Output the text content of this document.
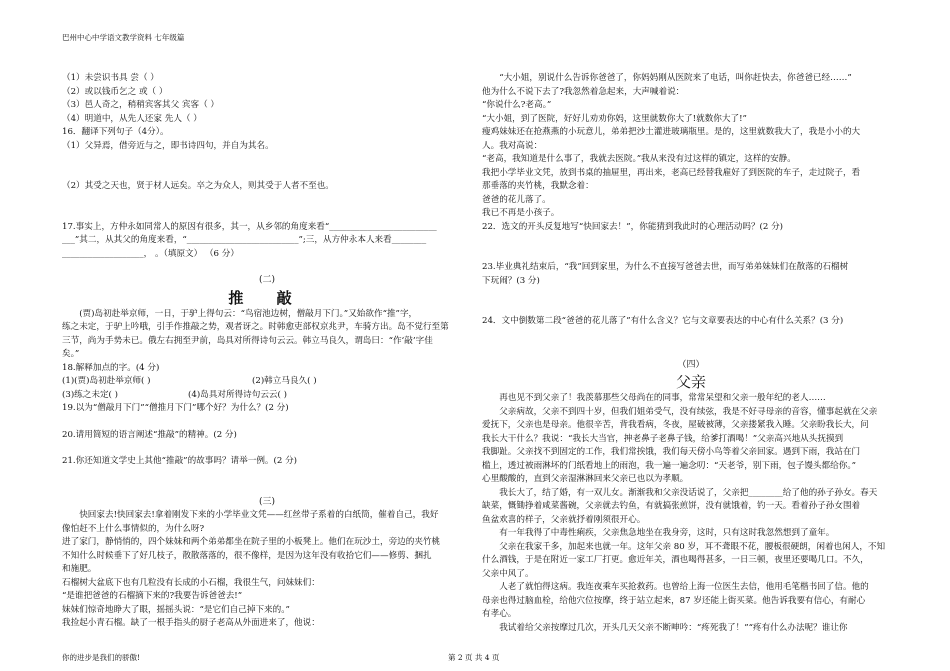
巴州中心中学语文教学资料 七年级篇

（1）未尝识书具 尝（ ）

（2）或以钱币乞之 或（ ）

（3）邑人奇之，稍稍宾客其父 宾客（ ）

（4）明道中，从先人还家 先人（ ）

16．翻译下列句子（4分）。

（1）父异焉，借旁近与之，即书诗四句，并自为其名。

（2）其受之天也，贤于材人远矣。卒之为众人，则其受于人者不至也。

17.事实上，方仲永如同常人的原因有很多，其一，从乡邻的角度来看“_________________________

___”其二，从其父的角度来看，“__________________________”;三，从方仲永本人来看________

___________________， 。（填原文） （6 分）

(二)

推 敲

(贾)岛初赴举京师，一日，于驴上得句云：“鸟宿池边树，僧敲月下门。”又始欲作“推”字，

练之未定，于驴上吟哦，引手作推敲之势，观者讶之。时韩愈吏部权京兆尹，车骑方出。岛不觉行至第

三节，尚为手势未已。俄左右拥至尹前，岛具对所得诗句云云。韩立马良久，谓岛曰：“作‘敲’字佳

矣。”

18.解释加点的字。(4 分)

(1)(贾)岛初赴举京师( )	(2)韩立马良久( )

(3)练之未定( )	(4)岛具对所得诗句云云( )

19.以为“僧敲月下门”“僧推月下门”哪个好？为什么？(2 分)

20.请用简短的语言阐述“推敲”的精神。(2 分)

21.你还知道文学史上其他“推敲”的故事吗？请举一例。(2 分)

(三)

快回家去!快回家去!拿着刚发下来的小学毕业文凭——红丝带子系着的白纸筒，催着自己，我好

像怕赶不上什么事情似的，为什么呀?

进了家门，静悄悄的，四个妹妹和两个弟弟都坐在院子里的小板凳上。他们在玩沙土，旁边的夹竹桃

不知什么时候垂下了好几枝子，散散落落的，很不像样，是因为这年没有收拾它们——修剪、捆扎

和施肥。

石榴树大盆底下也有几粒没有长成的小石榴，我很生气，问妹妹们：

“是谁把爸爸的石榴摘下来的?我要告诉爸爸去!”

妹妹们惊奇地睁大了眼，摇摇头说：“是它们自己掉下来的。”

我捡起小青石榴。缺了一根手指头的厨子老高从外面进来了，他说：

“大小姐，别说什么告诉你爸爸了，你妈妈刚从医院来了电话，叫你赶快去，你爸爸已经……”

他为什么不说下去了?我忽然着急起来，大声喊着说：

“你说什么?老高。”

“大小姐，到了医院，好好儿劝劝你妈，这里就数你大了!就数你大了!”

瘦鸡妹妹还在抢燕燕的小玩意儿，弟弟把沙土灌进玻璃瓶里。是的，这里就数我大了，我是小小的大

人。我对高说：

“老高，我知道是什么事了，我就去医院。”我从来没有过这样的镇定，这样的安静。

我把小学毕业文凭，放到书桌的抽屉里，再出来，老高已经替我雇好了到医院的车子，走过院子，看

那垂落的夹竹桃，我默念着：

爸爸的花儿落了。

我已不再是小孩子。

22．选文的开头反复地写“快回家去！”，你能猜到我此时的心理活动吗？(2 分)

23.毕业典礼结束后，“我”回到家里，为什么不直接写爸爸去世，而写弟弟妹妹们在散落的石榴树

下玩闹？(3 分)

24．文中倒数第二段“爸爸的花儿落了”有什么含义？它与文章要表达的中心有什么关系？(3 分)

（四）

父亲

再也见不到父亲了！我羡慕那些父母尚在的同事，常常呆望和父亲一般年纪的老人……

父亲病故，父亲不到四十岁，但我们姐弟受气，没有续弦，我是不好寻母亲的音容，懂事起就在父亲

爱抚下，父亲也是母亲。他很辛苦，背我看病，冬夜，屋破被薄，父亲搂紧我入睡。父亲盼我长大，问

我长大干什么？我说：“我长大当官，抻老鼻子老鼻子钱，给爹打酒喝！”父亲高兴地从头抚摸到

我脚趾。父亲找不到固定的工作，我们常挨饿，我们每天傍小鸟等着父亲回家。遇到下雨，我站在门

槛上，透过被雨淋坏的门纸看地上的雨泡，我一遍一遍念叨：“天老爷，别下雨，包子馒头都给你。”

心里酸酸的，直到父亲湿淋淋回来父亲已也以为孝顺。

我长大了，结了婚，有一双儿女。渐渐我和父亲没话说了，父亲把________给了他的孙子孙女。春天

缺菜，慨锄挣着咸菜酱碗，父亲就去钓鱼，有就搞张煎饼，没有就饿着，钓一天。看着孙子孙女围着

鱼盆欢喜的样子，父亲就抒着刚须很开心。

有一年我得了中毒性痢疾，父亲焦急地坐在我身旁，这时，只有这时我忽然想到了童年。

父亲在我家千多，加起来也就一年。这年父亲 80 岁，耳不聋眼不花，腰板很硬朗，闲着也闲人，不知

什么酒钱，于是在附近一家工厂打更。愈近年关，酒也喝得甚多，一日三顿，夜里还要喝几口。不久，

父亲中风了。

人老了就怕得这病。我连夜乘车买抢救药。也曾给上海一位医生去信，他用毛笔楷书回了信。他的

母亲也得过脑血栓，给他穴位按摩，终于站立起来，87 岁还能上街买菜。他告诉我要有信心，有耐心

有孝心。

我试着给父亲按摩过几次，开头几天父亲不断呻吟：“疼死我了！”“疼有什么办法呢？谁让你

你的进步是我们的骄傲!	第 2 页 共 4 页
